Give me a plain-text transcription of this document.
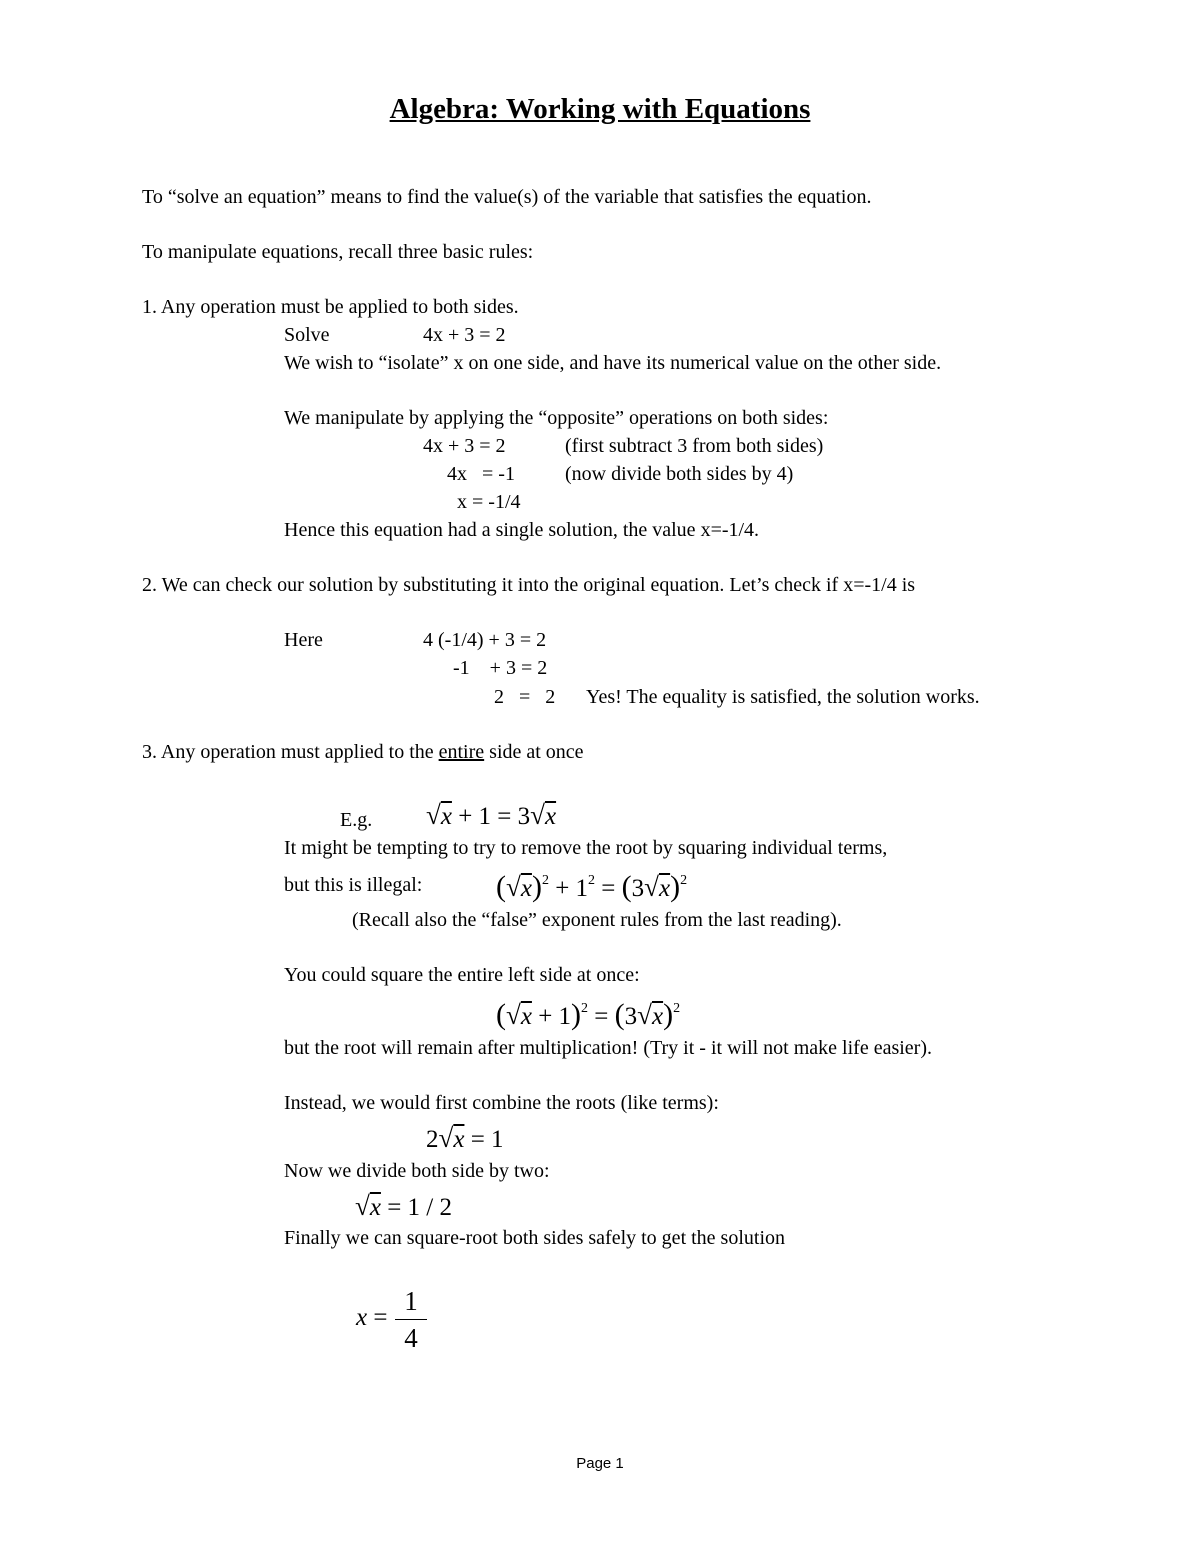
Algebra: Working with Equations
To “solve an equation” means to find the value(s) of the variable that satisfies the equation.
To manipulate equations, recall three basic rules:
1. Any operation must be applied to both sides.
Solve	4x + 3 = 2
We wish to “isolate” x on one side, and have its numerical value on the other side.
We manipulate by applying the “opposite” operations on both sides:
4x + 3 = 2	(first subtract 3 from both sides)
4x   = -1	(now divide both sides by 4)
x = -1/4
Hence this equation had a single solution, the value x=-1/4.
2. We can check our solution by substituting it into the original equation. Let’s check if x=-1/4 is
Here	4 (-1/4) + 3 = 2
-1    + 3 = 2
2   =   2 Yes! The equality is satisfied, the solution works.
3. Any operation must applied to the entire side at once
E.g. √x + 1 = 3√x
It might be tempting to try to remove the root by squaring individual terms,
but this is illegal: $(√x)^2 + 1^2 = (3√x)^2$
(Recall also the “false” exponent rules from the last reading).
You could square the entire left side at once:
$(√x + 1)^2 = (3√x)^2$
but the root will remain after multiplication! (Try it - it will not make life easier).
Instead, we would first combine the roots (like terms):
2√x = 1
Now we divide both side by two:
√x = 1 / 2
Finally we can square-root both sides safely to get the solution
x =
1
4
Page 1
